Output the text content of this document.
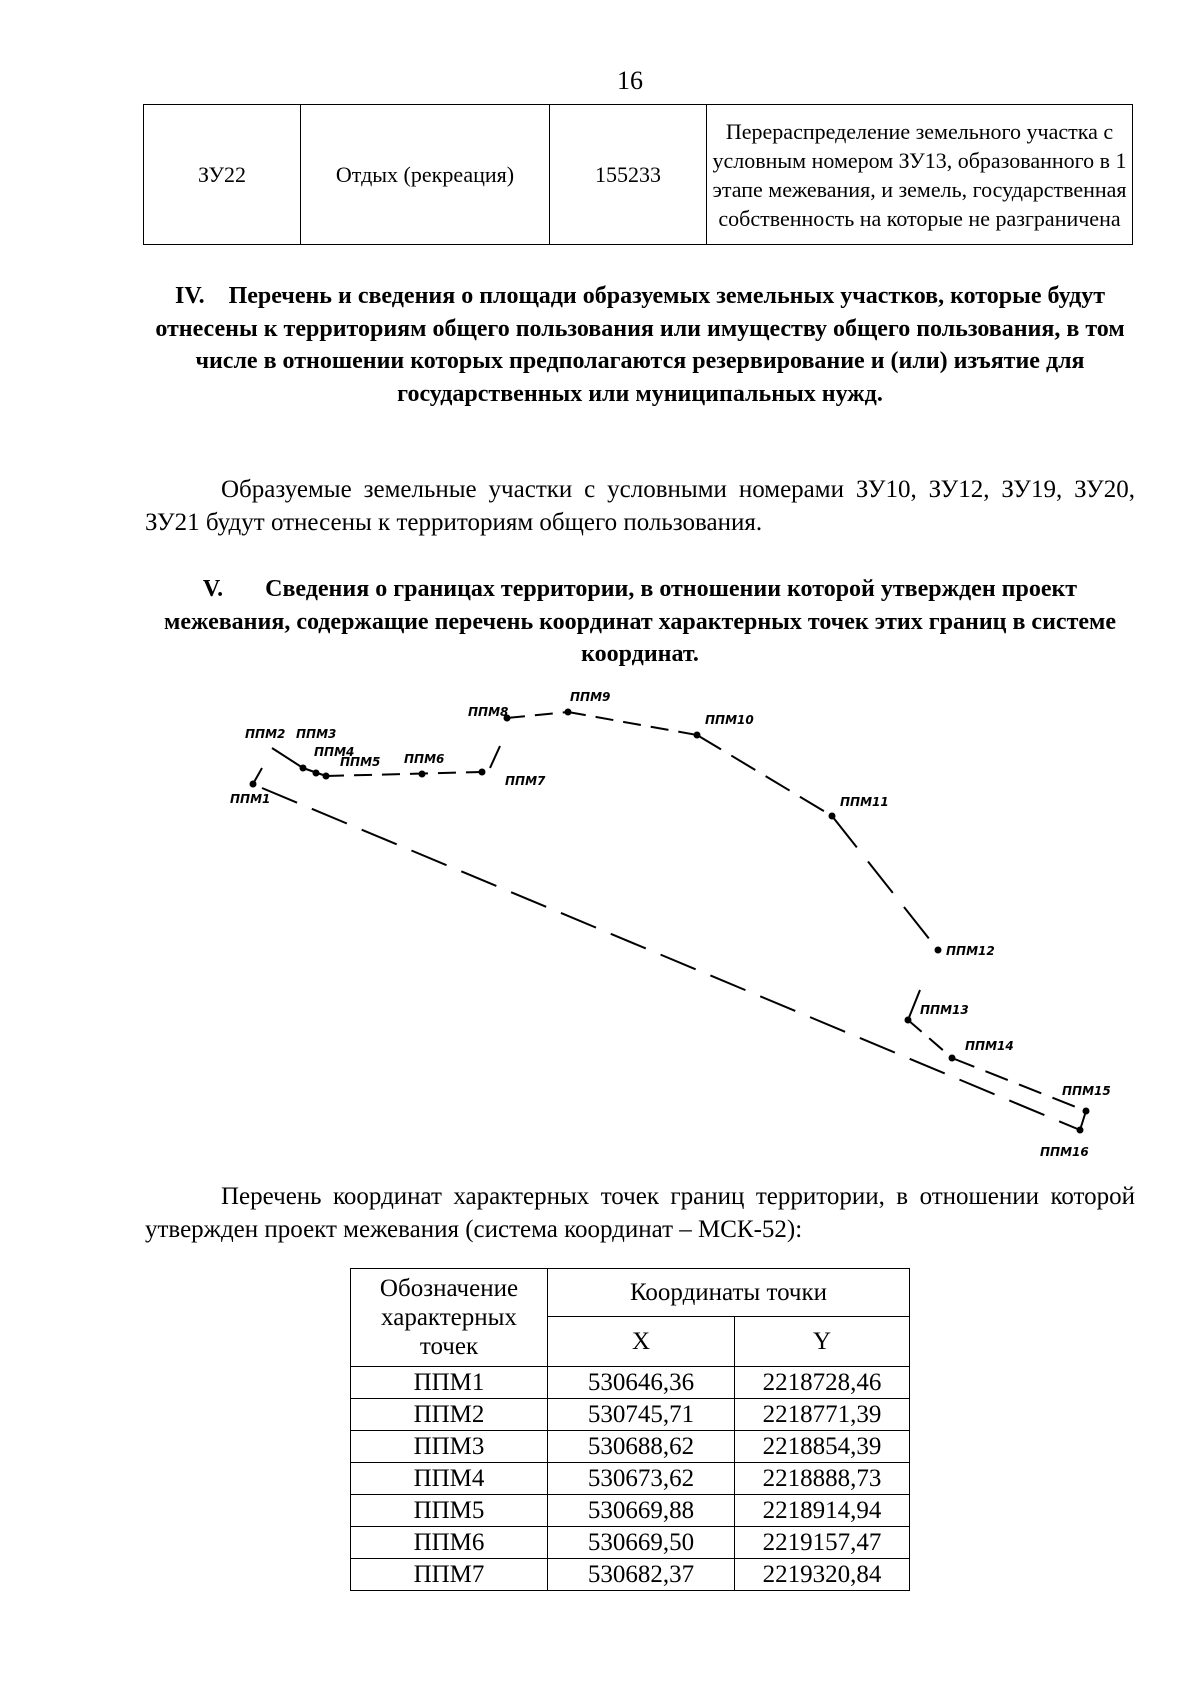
16
ЗУ22	Отдых (рекреация)	155233	Перераспределение земельного участка с условным номером ЗУ13, образованного в 1 этапе межевания, и земель, государственная собственность на которые не разграничена
IV.    Перечень и сведения о площади образуемых земельных участков, которые будут отнесены к территориям общего пользования или имуществу общего пользования, в том числе в отношении которых предполагаются резервирование и (или) изъятие для государственных или муниципальных нужд.
Образуемые земельные участки с условными номерами ЗУ10, ЗУ12, ЗУ19, ЗУ20, ЗУ21 будут отнесены к территориям общего пользования.
V.       Сведения о границах территории, в отношении которой утвержден проект межевания, содержащие перечень координат характерных точек этих границ в системе координат.
ППМ1
ППМ2 ППМ3
ППМ4
ППМ5 ППМ6
ППМ7
ППМ8
ППМ9
ППМ10
ППМ11
ППМ12
ППМ13
ППМ14
ППМ15
ППМ16
Перечень координат характерных точек границ территории, в отношении которой утвержден проект межевания (система координат – МСК-52):
Обозначение характерных точек	Координаты точки	
	X	Y
ППМ1	530646,36	2218728,46
ППМ2	530745,71	2218771,39
ППМ3	530688,62	2218854,39
ППМ4	530673,62	2218888,73
ППМ5	530669,88	2218914,94
ППМ6	530669,50	2219157,47
ППМ7	530682,37	2219320,84
